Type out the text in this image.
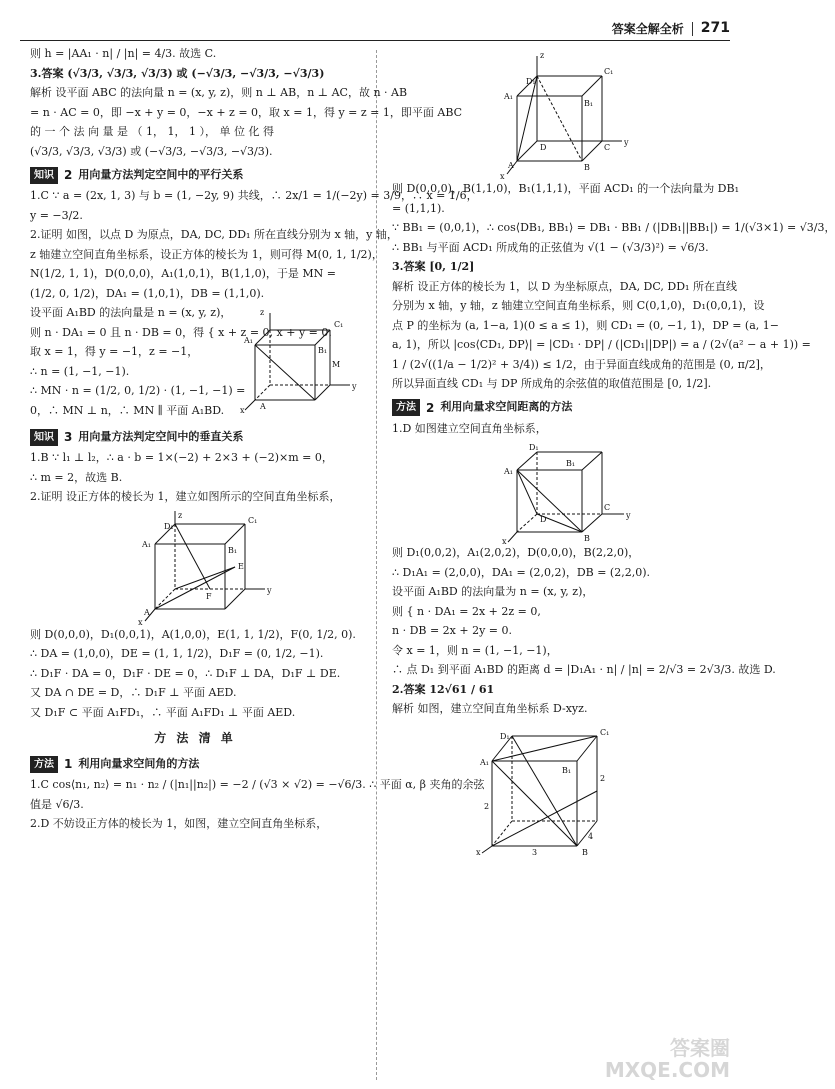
答案全解全析 271

则 h = |AA₁ · n| / |n| = 4/3. 故选 C.

3.答案 (√3/3, √3/3, √3/3) 或 (−√3/3, −√3/3, −√3/3)

解析 设平面 ABC 的法向量 n = (x, y, z)，则 n ⊥ AB，n ⊥ AC，故 n · AB

= n · AC = 0，即 −x + y = 0，−x + z = 0，取 x = 1，得 y = z = 1，即平面 ABC

的 一 个 法 向 量 是 （ 1， 1， 1 ）， 单 位 化 得

(√3/3, √3/3, √3/3) 或 (−√3/3, −√3/3, −√3/3).

知识 2 用向量方法判定空间中的平行关系

1.C ∵ a = (2x, 1, 3) 与 b = (1, −2y, 9) 共线，∴ 2x/1 = 1/(−2y) = 3/9，∴ x = 1/6，

y = −3/2.

2.证明 如图，以点 D 为原点，DA, DC, DD₁ 所在直线分别为 x 轴，y 轴，

z 轴建立空间直角坐标系，设正方体的棱长为 1，则可得 M(0, 1, 1/2)，

N(1/2, 1, 1)，D(0,0,0)，A₁(1,0,1)，B(1,1,0)，于是 MN =

(1/2, 0, 1/2)，DA₁ = (1,0,1)，DB = (1,1,0).

设平面 A₁BD 的法向量是 n = (x, y, z)，

则 n · DA₁ = 0 且 n · DB = 0，得 { x + z = 0, x + y = 0.

取 x = 1，得 y = −1，z = −1，

∴ n = (1, −1, −1).

∴ MN · n = (1/2, 0, 1/2) · (1, −1, −1) =

0，∴ MN ⊥ n，∴ MN ∥ 平面 A₁BD.

z
C₁
A₁
B₁
M
A
y
x
知识 3 用向量方法判定空间中的垂直关系

1.B ∵ l₁ ⊥ l₂，∴ a · b = 1×(−2) + 2×3 + (−2)×m = 0，

∴ m = 2，故选 B.

2.证明 设正方体的棱长为 1，建立如图所示的空间直角坐标系，

D₁
C₁
A₁
B₁
E
F
A
z
y
x

则 D(0,0,0)，D₁(0,0,1)，A(1,0,0)，E(1, 1, 1/2)，F(0, 1/2, 0).

∴ DA = (1,0,0)，DE = (1, 1, 1/2)，D₁F = (0, 1/2, −1).

∴ D₁F · DA = 0，D₁F · DE = 0，∴ D₁F ⊥ DA，D₁F ⊥ DE.

又 DA ∩ DE = D，∴ D₁F ⊥ 平面 AED.

又 D₁F ⊂ 平面 A₁FD₁，∴ 平面 A₁FD₁ ⊥ 平面 AED.

方 法 清 单
方法 1 利用向量求空间角的方法

1.C cos⟨n₁, n₂⟩ = n₁ · n₂ / (|n₁||n₂|) = −2 / (√3 × √2) = −√6/3. ∴ 平面 α, β 夹角的余弦

值是 √6/3.

2.D 不妨设正方体的棱长为 1，如图，建立空间直角坐标系，

z
D₁
C₁
A₁
B₁
D	C
A	B
y
x

则 D(0,0,0)，B(1,1,0)，B₁(1,1,1)，平面 ACD₁ 的一个法向量为 DB₁

= (1,1,1).

∵ BB₁ = (0,0,1)，∴ cos⟨DB₁, BB₁⟩ = DB₁ · BB₁ / (|DB₁||BB₁|) = 1/(√3×1) = √3/3，

∴ BB₁ 与平面 ACD₁ 所成角的正弦值为 √(1 − (√3/3)²) = √6/3.

3.答案 [0, 1/2]

解析 设正方体的棱长为 1，以 D 为坐标原点，DA, DC, DD₁ 所在直线

分别为 x 轴，y 轴，z 轴建立空间直角坐标系，则 C(0,1,0)，D₁(0,0,1)，设

点 P 的坐标为 (a, 1−a, 1)(0 ≤ a ≤ 1)，则 CD₁ = (0, −1, 1)，DP = (a, 1−

a, 1)，所以 |cos⟨CD₁, DP⟩| = |CD₁ · DP| / (|CD₁||DP|) = a / (2√(a² − a + 1)) =

1 / (2√((1/a − 1/2)² + 3/4)) ≤ 1/2，由于异面直线成角的范围是 (0, π/2]，

所以异面直线 CD₁ 与 DP 所成角的余弦值的取值范围是 [0, 1/2].

方法 2 利用向量求空间距离的方法

1.D 如图建立空间直角坐标系，

D₁
A₁
B₁
D
C
B
y
x

则 D₁(0,0,2)，A₁(2,0,2)，D(0,0,0)，B(2,2,0)，

∴ D₁A₁ = (2,0,0)，DA₁ = (2,0,2)，DB = (2,2,0).

设平面 A₁BD 的法向量为 n = (x, y, z)，

则 { n · DA₁ = 2x + 2z = 0,

n · DB = 2x + 2y = 0.

令 x = 1，则 n = (1, −1, −1)，

∴ 点 D₁ 到平面 A₁BD 的距离 d = |D₁A₁ · n| / |n| = 2/√3 = 2√3/3. 故选 D.

2.答案 12√61 / 61

解析 如图，建立空间直角坐标系 D-xyz.

D₁	C₁
A₁
B₁
2
2
4
3	B
x
答案圈
MXQE.COM
